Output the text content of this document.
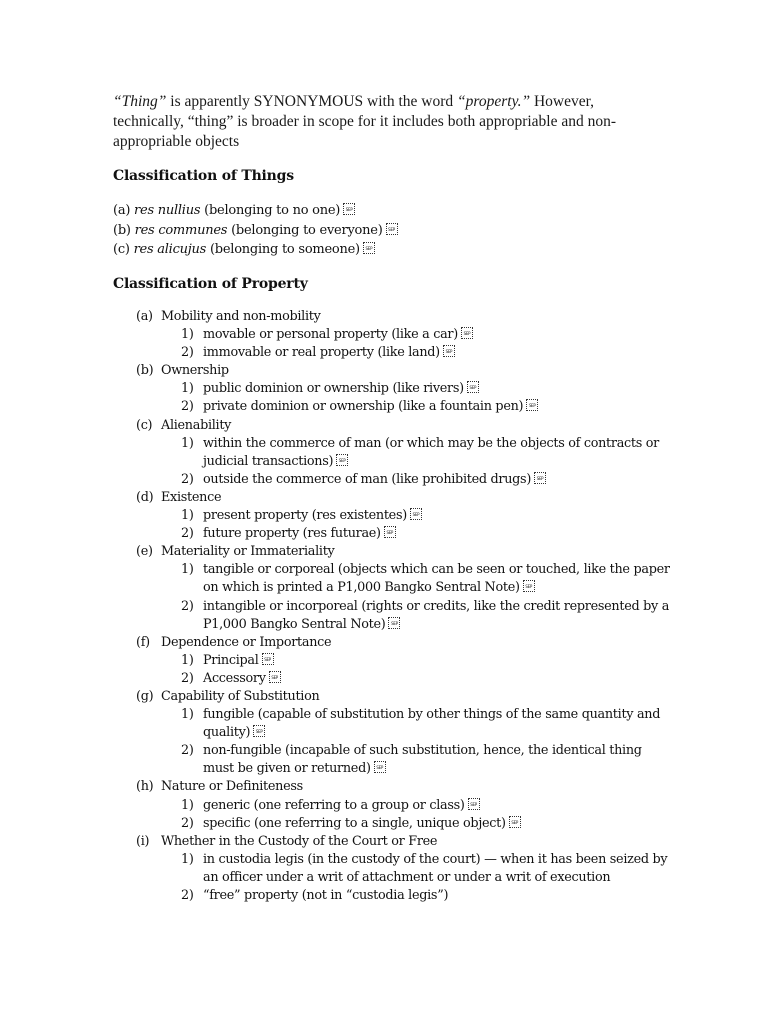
“Thing” is apparently SYNONYMOUS with the word “property.” However, technically, “thing” is broader in scope for it includes both appropriable and non-appropriable objects

Classification of Things
(a) res nullius (belonging to no one) SEP
(b) res communes (belonging to everyone) SEP
(c) res alicujus (belonging to someone) SEP
Classification of Property
(a) Mobility and non-mobility
1) movable or personal property (like a car) SEP
2) immovable or real property (like land) SEP
(b) Ownership
1) public dominion or ownership (like rivers) SEP
2) private dominion or ownership (like a fountain pen) SEP
(c) Alienability
1) within the commerce of man (or which may be the objects of contracts or judicial transactions) SEP
2) outside the commerce of man (like prohibited drugs) SEP
(d) Existence
1) present property (res existentes) SEP
2) future property (res futurae) SEP
(e) Materiality or Immateriality
1) tangible or corporeal (objects which can be seen or touched, like the paper on which is printed a P1,000 Bangko Sentral Note) SEP
2) intangible or incorporeal (rights or credits, like the credit represented by a P1,000 Bangko Sentral Note) SEP
(f) Dependence or Importance
1) Principal SEP
2) Accessory SEP
(g) Capability of Substitution
1) fungible (capable of substitution by other things of the same quantity and quality) SEP
2) non-fungible (incapable of such substitution, hence, the identical thing must be given or returned) SEP
(h) Nature or Definiteness
1) generic (one referring to a group or class) SEP
2) specific (one referring to a single, unique object) SEP
(i) Whether in the Custody of the Court or Free
1) in custodia legis (in the custody of the court) — when it has been seized by an officer under a writ of attachment or under a writ of execution
2) “free” property (not in “custodia legis”)
